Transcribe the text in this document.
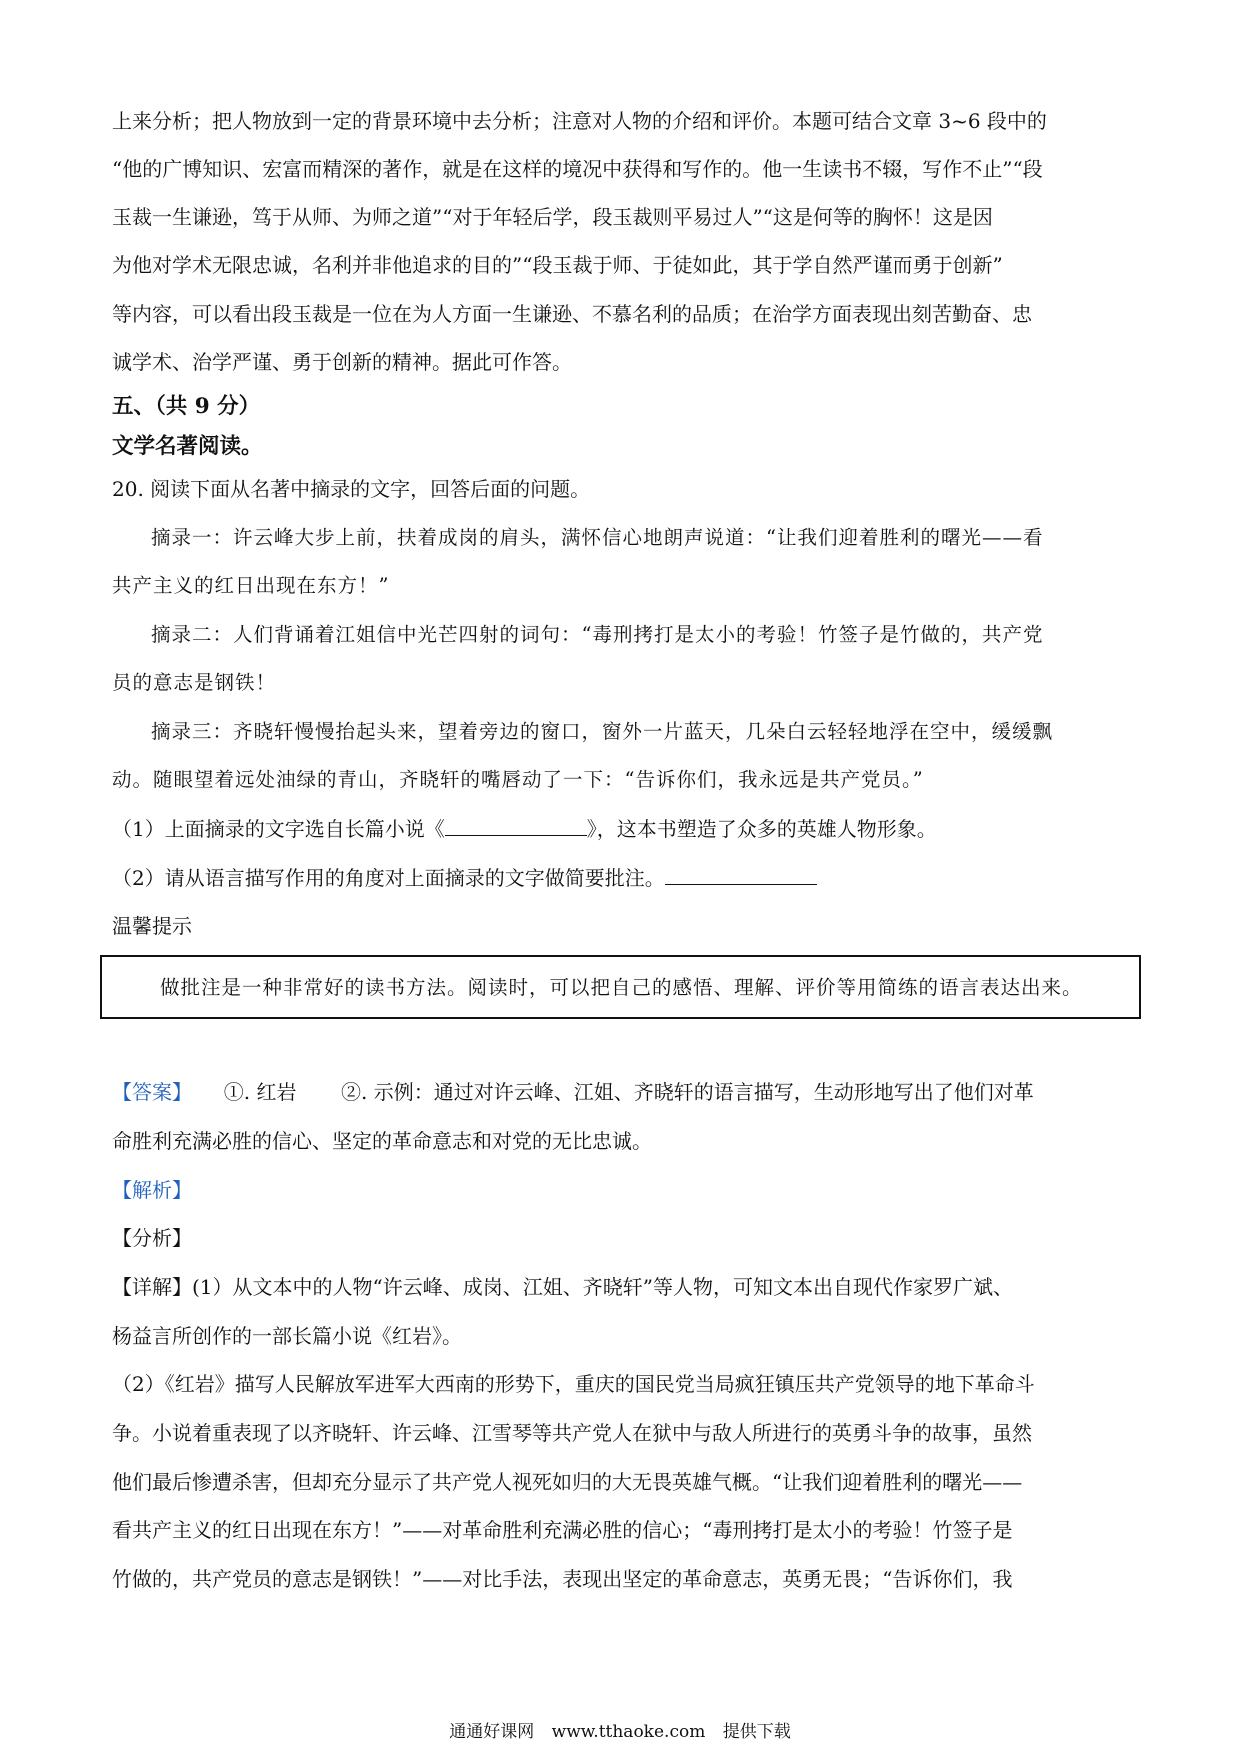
上来分析；把人物放到一定的背景环境中去分析；注意对人物的介绍和评价。本题可结合文章 3~6 段中的

“他的广博知识、宏富而精深的著作，就是在这样的境况中获得和写作的。他一生读书不辍，写作不止”“段

玉裁一生谦逊，笃于从师、为师之道”“对于年轻后学，段玉裁则平易过人”“这是何等的胸怀！这是因

为他对学术无限忠诚，名利并非他追求的目的”“段玉裁于师、于徒如此，其于学自然严谨而勇于创新”

等内容，可以看出段玉裁是一位在为人方面一生谦逊、不慕名利的品质；在治学方面表现出刻苦勤奋、忠

诚学术、治学严谨、勇于创新的精神。据此可作答。

五、（共 9 分）

文学名著阅读。

20. 阅读下面从名著中摘录的文字，回答后面的问题。

摘录一：许云峰大步上前，扶着成岗的肩头，满怀信心地朗声说道：“让我们迎着胜利的曙光——看

共产主义的红日出现在东方！”

摘录二：人们背诵着江姐信中光芒四射的词句：“毒刑拷打是太小的考验！竹签子是竹做的，共产党

员的意志是钢铁！

摘录三：齐晓轩慢慢抬起头来，望着旁边的窗口，窗外一片蓝天，几朵白云轻轻地浮在空中，缓缓飘

动。随眼望着远处油绿的青山，齐晓轩的嘴唇动了一下：“告诉你们，我永远是共产党员。”

（1）上面摘录的文字选自长篇小说《	》，这本书塑造了众多的英雄人物形象。

（2）请从语言描写作用的角度对上面摘录的文字做简要批注。

温馨提示

做批注是一种非常好的读书方法。阅读时，可以把自己的感悟、理解、评价等用简练的语言表达出来。

【答案】 ①. 红岩 ②. 示例：通过对许云峰、江姐、齐晓轩的语言描写，生动形地写出了他们对革

命胜利充满必胜的信心、坚定的革命意志和对党的无比忠诚。

【解析】

【分析】

【详解】(1）从文本中的人物“许云峰、成岗、江姐、齐晓轩”等人物，可知文本出自现代作家罗广斌、

杨益言所创作的一部长篇小说《红岩》。

（2）《红岩》描写人民解放军进军大西南的形势下，重庆的国民党当局疯狂镇压共产党领导的地下革命斗

争。小说着重表现了以齐晓轩、许云峰、江雪琴等共产党人在狱中与敌人所进行的英勇斗争的故事，虽然

他们最后惨遭杀害，但却充分显示了共产党人视死如归的大无畏英雄气概。“让我们迎着胜利的曙光——

看共产主义的红日出现在东方！”——对革命胜利充满必胜的信心；“毒刑拷打是太小的考验！竹签子是

竹做的，共产党员的意志是钢铁！”——对比手法，表现出坚定的革命意志，英勇无畏；“告诉你们，我

通通好课网 www.tthaoke.com 提供下载
